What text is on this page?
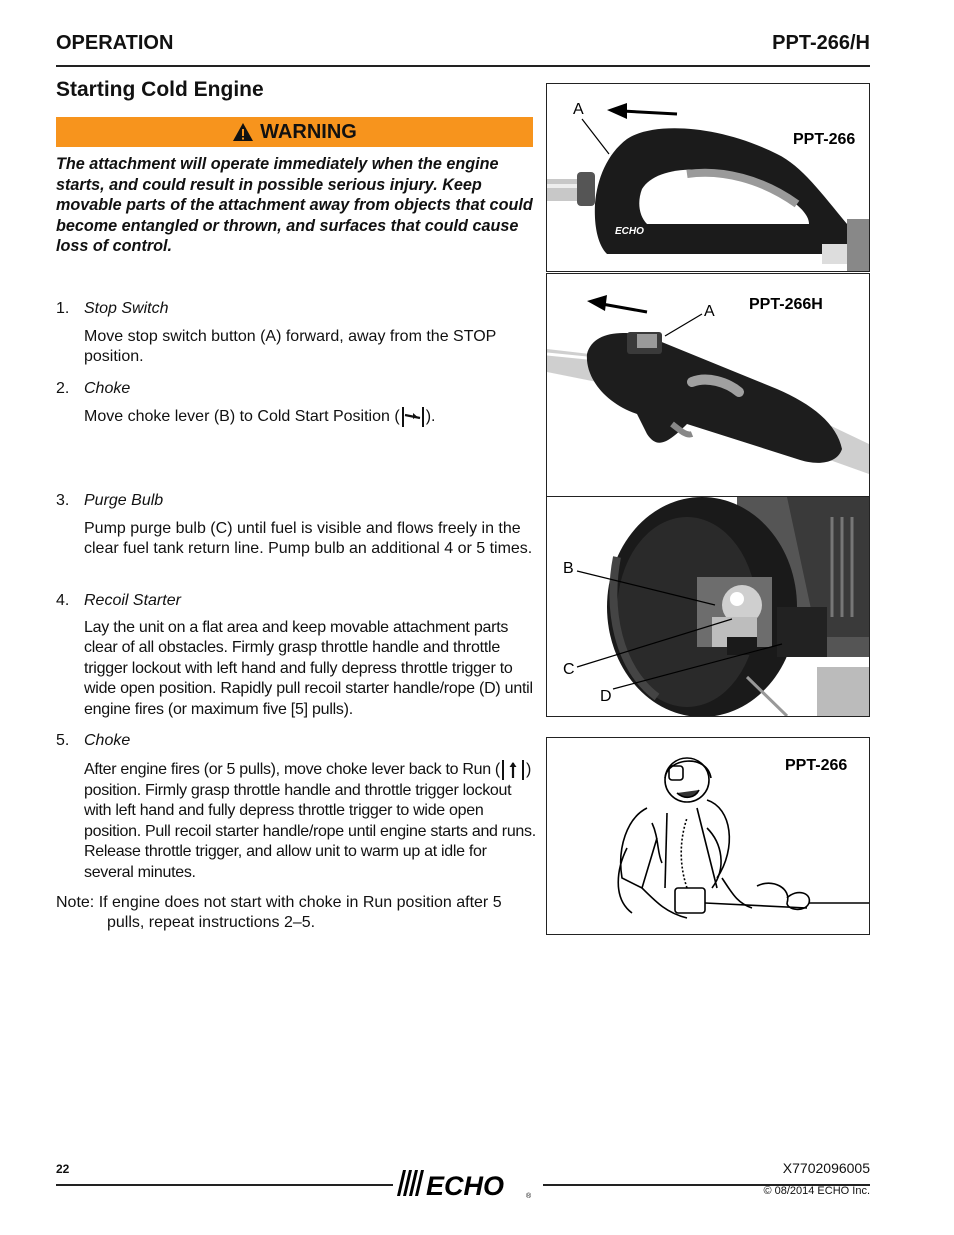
OPERATION	PPT-266/H
Starting Cold Engine
WARNING
The attachment will operate immediately when the engine starts, and could result in possible serious injury. Keep movable parts of the attachment away from objects that could become entangled or thrown, and surfaces that could cause loss of control.
1. Stop Switch
Move stop switch button (A) forward, away from the STOP position.
2. Choke
Move choke lever (B) to Cold Start Position ( ).
3. Purge Bulb
Pump purge bulb (C) until fuel is visible and flows freely in the clear fuel tank return line. Pump bulb an additional 4 or 5 times.
4. Recoil Starter
Lay the unit on a flat area and keep movable attachment parts clear of all obstacles. Firmly grasp throttle handle and throttle trigger lockout with left hand and fully depress throttle trigger to wide open position. Rapidly pull recoil starter handle/rope (D) until engine fires (or maximum five [5] pulls).
5. Choke
After engine fires (or 5 pulls), move choke lever back to Run ( ) position. Firmly grasp throttle handle and throttle trigger lockout with left hand and fully depress throttle trigger to wide open position. Pull recoil starter handle/rope until engine starts and runs. Release throttle trigger, and allow unit to warm up at idle for several minutes.
Note: If engine does not start with choke in Run position after 5
pulls, repeat instructions 2–5.
ECHO
A
PPT-266
A PPT-266H
B
C
D
PPT-266
22
ECHO	®
X7702096005
© 08/2014 ECHO Inc.
